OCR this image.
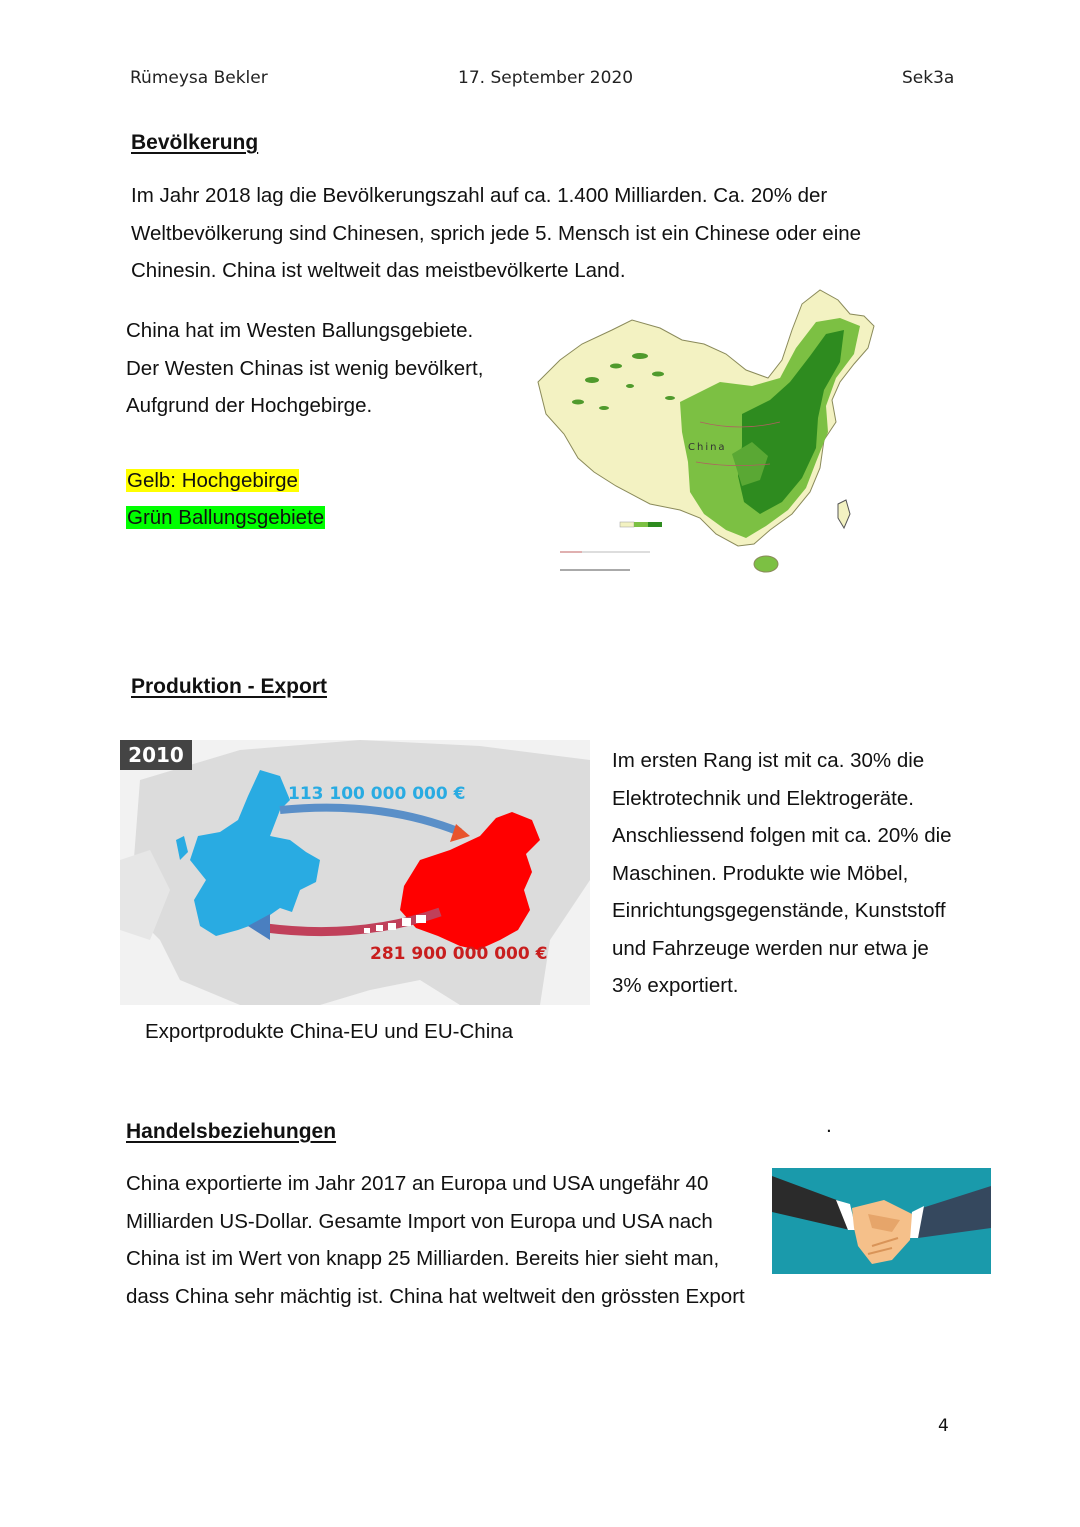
Rümeysa Bekler	17. September 2020	Sek3a
Bevölkerung

Im Jahr 2018 lag die Bevölkerungszahl auf ca. 1.400 Milliarden. Ca. 20% der

Weltbevölkerung sind Chinesen, sprich jede 5. Mensch ist ein Chinese oder eine

Chinesin. China ist weltweit das meistbevölkerte Land.

China hat im Westen Ballungsgebiete.

Der Westen Chinas ist wenig bevölkert,

Aufgrund der Hochgebirge.

Gelb: Hochgebirge
Grün Ballungsgebiete
China
Produktion - Export
2010
113 100 000 000 €
281 900 000 000 €
Exportprodukte China-EU und EU-China

Im ersten Rang ist mit ca. 30% die

Elektrotechnik und Elektrogeräte.

Anschliessend folgen mit ca. 20% die

Maschinen. Produkte wie Möbel,

Einrichtungsgegenstände, Kunststoff

und Fahrzeuge werden nur etwa je

3% exportiert.

Handelsbeziehungen	.

China exportierte im Jahr 2017 an Europa und USA ungefähr 40

Milliarden US-Dollar. Gesamte Import von Europa und USA nach

China ist im Wert von knapp 25 Milliarden. Bereits hier sieht man,

dass China sehr mächtig ist. China hat weltweit den grössten Export

4
